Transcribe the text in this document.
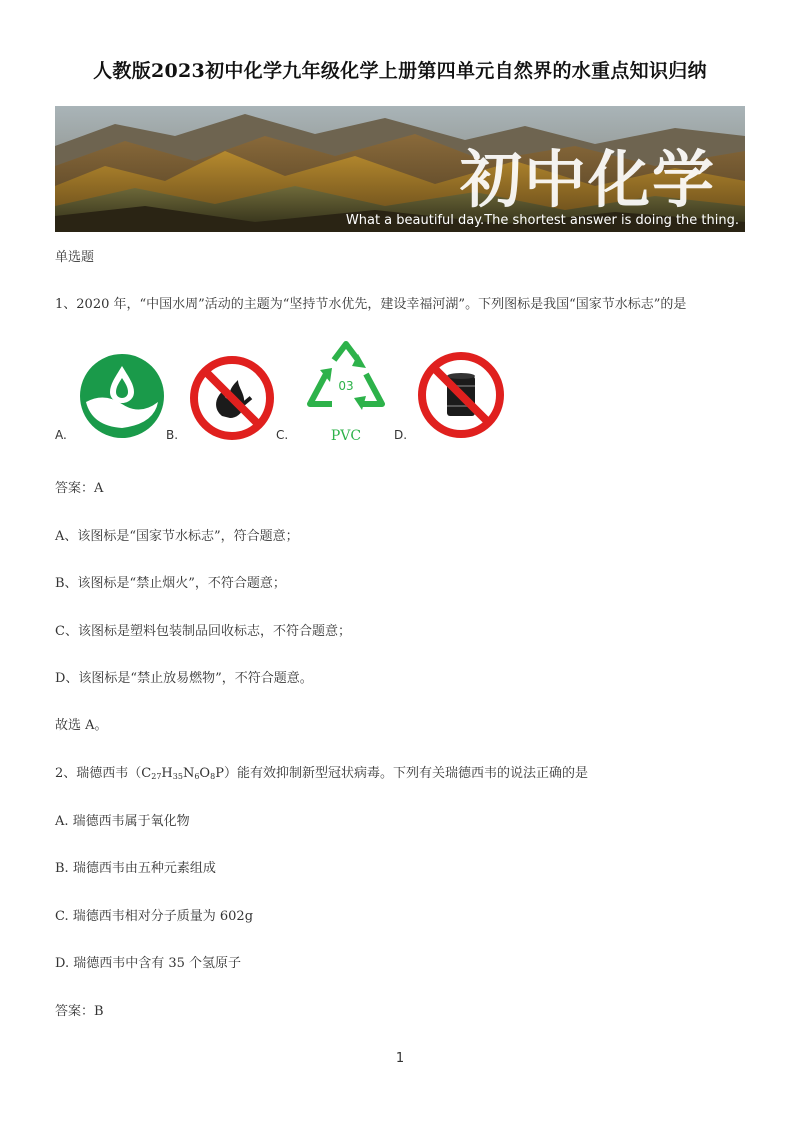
人教版2023初中化学九年级化学上册第四单元自然界的水重点知识归纳
初中化学
What a beautiful day.The shortest answer is doing the thing.
单选题
1、2020 年，“中国水周”活动的主题为“坚持节水优先，建设幸福河湖”。下列图标是我国“国家节水标志”的是
A.	B.	C.
03
PVC	D.
答案：A
A、该图标是“国家节水标志”，符合题意；
B、该图标是“禁止烟火”，不符合题意；
C、该图标是塑料包装制品回收标志，不符合题意；
D、该图标是“禁止放易燃物”，不符合题意。
故选 A。
2、瑞德西韦$(C_{27}H_{35}N_6O_8P)$能有效抑制新型冠状病毒。下列有关瑞德西韦的说法正确的是
A. 瑞德西韦属于氧化物
B. 瑞德西韦由五种元素组成
C. 瑞德西韦相对分子质量为 602g
D. 瑞德西韦中含有 35 个氢原子
答案：B
1
